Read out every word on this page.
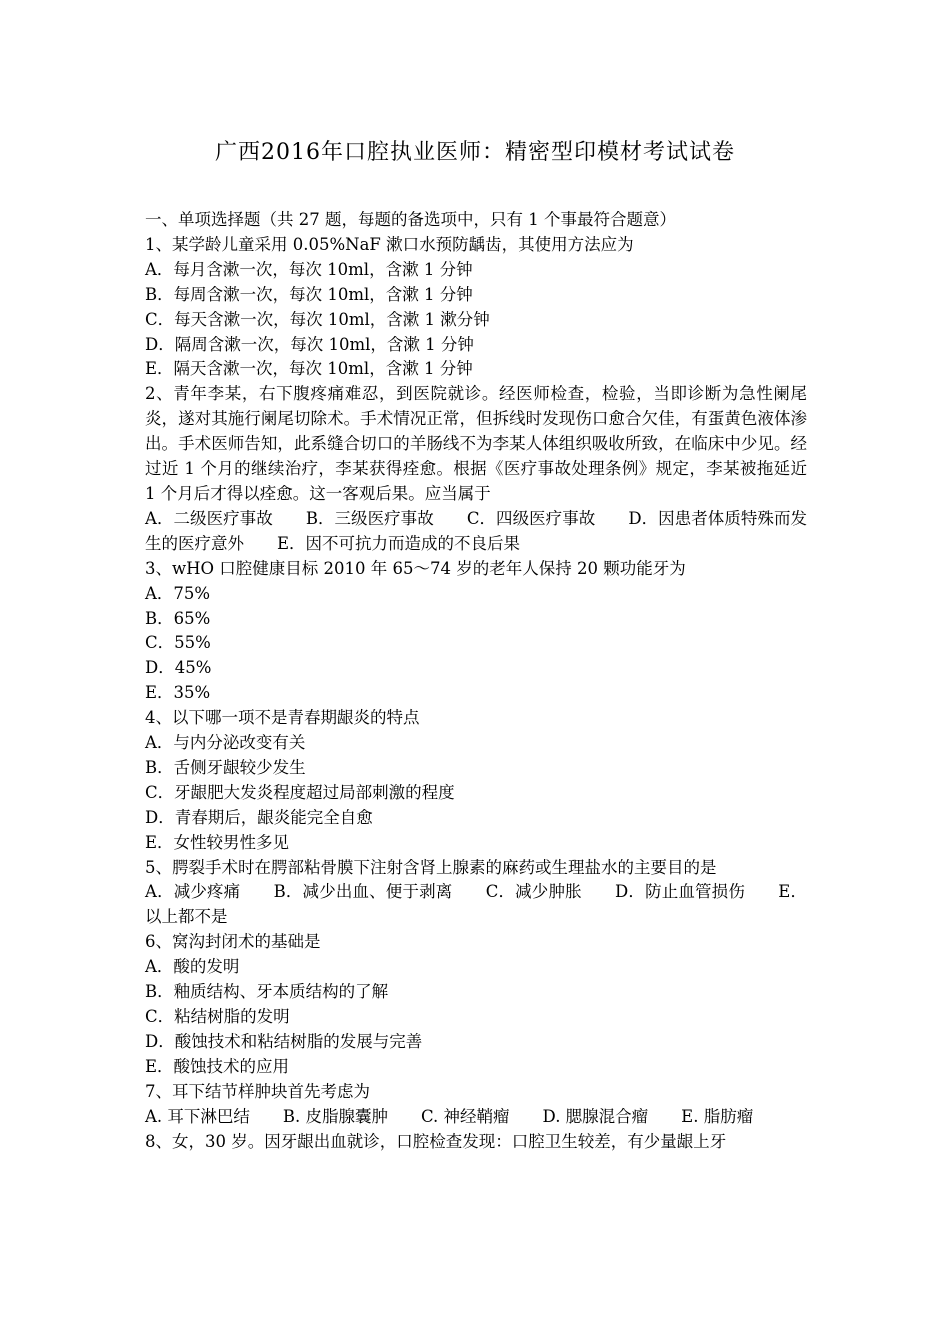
广西2016年口腔执业医师：精密型印模材考试试卷
一、单项选择题（共 27 题，每题的备选项中，只有 1 个事最符合题意）
1、某学龄儿童采用 0.05%NaF 漱口水预防龋齿，其使用方法应为
A．每月含漱一次，每次 10ml，含漱 1 分钟
B．每周含漱一次，每次 10ml，含漱 1 分钟
C．每天含漱一次，每次 10ml，含漱 1 漱分钟
D．隔周含漱一次，每次 10ml，含漱 1 分钟
E．隔天含漱一次，每次 10ml，含漱 1 分钟
2、青年李某，右下腹疼痛难忍，到医院就诊。经医师检查，检验，当即诊断为急性阑尾炎，遂对其施行阑尾切除术。手术情况正常，但拆线时发现伤口愈合欠佳，有蛋黄色液体渗出。手术医师告知，此系缝合切口的羊肠线不为李某人体组织吸收所致，在临床中少见。经过近 1 个月的继续治疗，李某获得痊愈。根据《医疗事故处理条例》规定，李某被拖延近 1 个月后才得以痊愈。这一客观后果。应当属于
A．二级医疗事故　　B．三级医疗事故　　C．四级医疗事故　　D．因患者体质特殊而发生的医疗意外　　E．因不可抗力而造成的不良后果
3、wHO 口腔健康目标 2010 年 65～74 岁的老年人保持 20 颗功能牙为
A．75%
B．65%
C．55%
D．45%
E．35%
4、以下哪一项不是青春期龈炎的特点
A．与内分泌改变有关
B．舌侧牙龈较少发生
C．牙龈肥大发炎程度超过局部刺激的程度
D．青春期后，龈炎能完全自愈
E．女性较男性多见
5、腭裂手术时在腭部粘骨膜下注射含肾上腺素的麻药或生理盐水的主要目的是
A．减少疼痛　　B．减少出血、便于剥离　　C．减少肿胀　　D．防止血管损伤　　E．以上都不是
6、窝沟封闭术的基础是
A．酸的发明
B．釉质结构、牙本质结构的了解
C．粘结树脂的发明
D．酸蚀技术和粘结树脂的发展与完善
E．酸蚀技术的应用
7、耳下结节样肿块首先考虑为
A. 耳下淋巴结　　B. 皮脂腺囊肿　　C. 神经鞘瘤　　D. 腮腺混合瘤　　E. 脂肪瘤
8、女，30 岁。因牙龈出血就诊，口腔检查发现：口腔卫生较差，有少量龈上牙
